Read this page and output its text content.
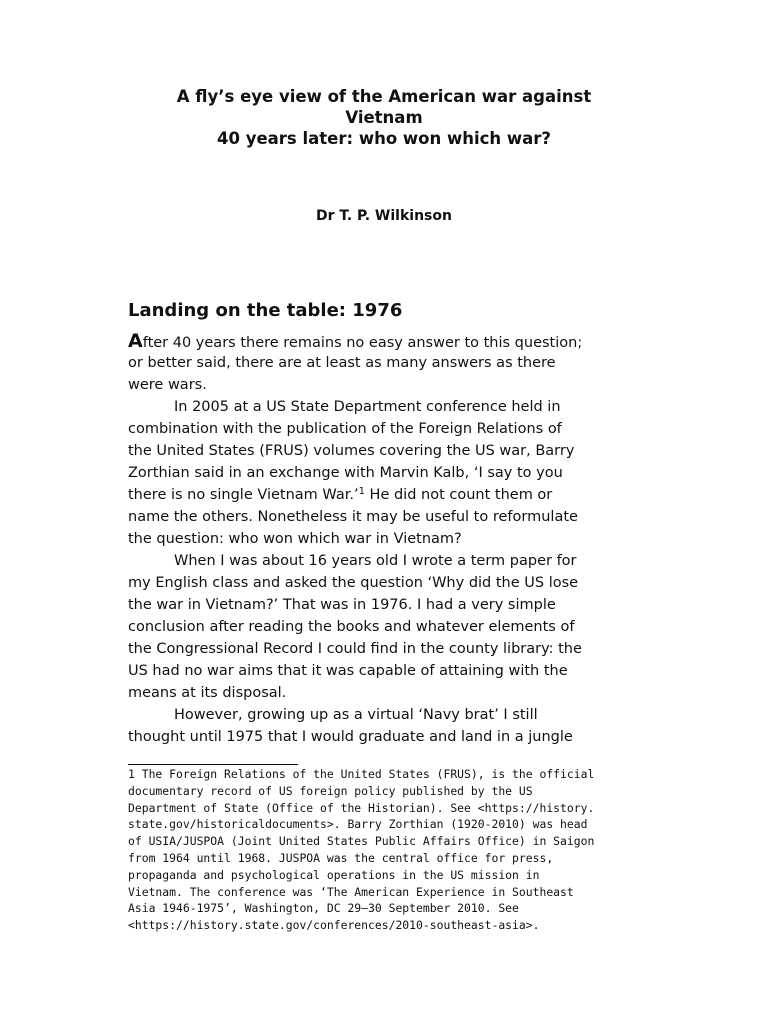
A fly’s eye view of the American war against
Vietnam
40 years later: who won which war?
Dr T. P. Wilkinson
Landing on the table: 1976
After 40 years there remains no easy answer to this question;
or better said, there are at least as many answers as there
were wars.
In 2005 at a US State Department conference held in
combination with the publication of the Foreign Relations of
the United States (FRUS) volumes covering the US war, Barry
Zorthian said in an exchange with Marvin Kalb, ‘I say to you
there is no single Vietnam War.’$^1$ He did not count them or
name the others. Nonetheless it may be useful to reformulate
the question: who won which war in Vietnam?
When I was about 16 years old I wrote a term paper for
my English class and asked the question ‘Why did the US lose
the war in Vietnam?’ That was in 1976. I had a very simple
conclusion after reading the books and whatever elements of
the Congressional Record I could find in the county library: the
US had no war aims that it was capable of attaining with the
means at its disposal.
However, growing up as a virtual ‘Navy brat’ I still
thought until 1975 that I would graduate and land in a jungle
1 The Foreign Relations of the United States (FRUS), is the official
documentary record of US foreign policy published by the US
Department of State (Office of the Historian). See <https://history.
state.gov/historicaldocuments>. Barry Zorthian (1920-2010) was head
of USIA/JUSPOA (Joint United States Public Affairs Office) in Saigon
from 1964 until 1968. JUSPOA was the central office for press,
propaganda and psychological operations in the US mission in
Vietnam. The conference was ‘The American Experience in Southeast
Asia 1946-1975’, Washington, DC 29–30 September 2010. See
<https://history.state.gov/conferences/2010-southeast-asia>.
